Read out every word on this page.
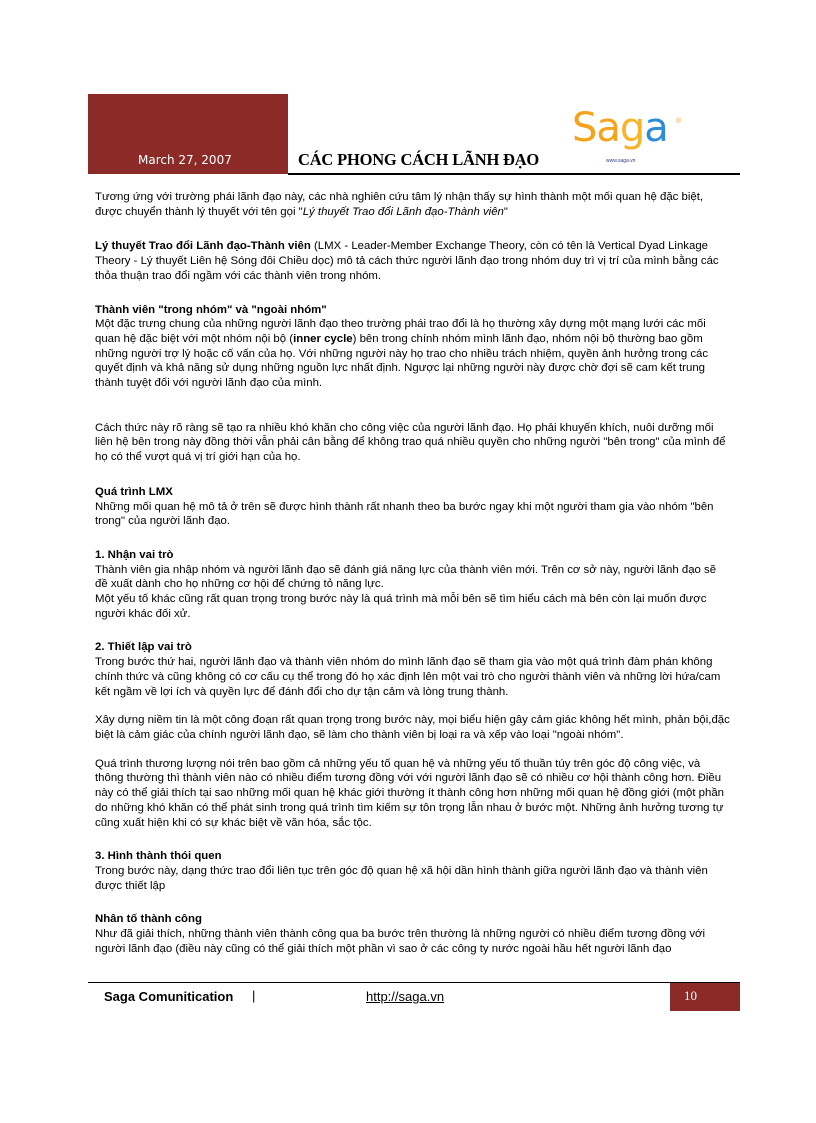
March 27, 2007	CÁC PHONG CÁCH LÃNH ĐẠO
Saga ®
www.saga.vn

Tương ứng với trường phái lãnh đạo này, các nhà nghiên cứu tâm lý nhận thấy sự hình thành một mối quan hệ đặc biệt, được chuyển thành lý thuyết với tên gọi "Lý thuyết Trao đổi Lãnh đạo-Thành viên"

Lý thuyết Trao đổi Lãnh đạo-Thành viên (LMX - Leader-Member Exchange Theory, còn có tên là Vertical Dyad Linkage Theory - Lý thuyết Liên hệ Sóng đôi Chiều dọc) mô tả cách thức người lãnh đạo trong nhóm duy trì vị trí của mình bằng các thỏa thuận trao đổi ngầm với các thành viên trong nhóm.

Thành viên "trong nhóm" và "ngoài nhóm"

Một đặc trưng chung của những người lãnh đạo theo trường phái trao đổi là họ thường xây dựng một mạng lưới các mối quan hệ đặc biệt với một nhóm nội bộ (inner cycle) bên trong chính nhóm mình lãnh đạo, nhóm nội bộ thường bao gồm những người trợ lý hoặc cố vấn của họ. Với những người này họ trao cho nhiều trách nhiệm, quyền ảnh hưởng trong các quyết định và khả năng sử dụng những nguồn lực nhất định. Ngược lại những người này được chờ đợi sẽ cam kết trung thành tuyệt đối với người lãnh đạo của mình.

Cách thức này rõ ràng sẽ tạo ra nhiều khó khăn cho công việc của người lãnh đạo. Họ phải khuyến khích, nuôi dưỡng mối liên hệ bên trong này đồng thời vẫn phải cân bằng để không trao quá nhiều quyền cho những người "bên trong" của mình để họ có thể vượt quá vị trí giới hạn của họ.

Quá trình LMX

Những mối quan hệ mô tả ở trên sẽ được hình thành rất nhanh theo ba bước ngay khi một người tham gia vào nhóm "bên trong" của người lãnh đạo.

1. Nhận vai trò

Thành viên gia nhập nhóm và người lãnh đạo sẽ đánh giá năng lực của thành viên mới. Trên cơ sở này, người lãnh đạo sẽ đề xuất dành cho họ những cơ hội để chứng tỏ năng lực.

Một yếu tố khác cũng rất quan trọng trong bước này là quá trình mà mỗi bên sẽ tìm hiểu cách mà bên còn lại muốn được người khác đối xử.

2. Thiết lập vai trò

Trong bước thứ hai, người lãnh đạo và thành viên nhóm do mình lãnh đạo sẽ tham gia vào một quá trình đàm phán không chính thức và cũng không có cơ cấu cụ thể trong đó họ xác định lên một vai trò cho người thành viên và những lời hứa/cam kết ngầm về lợi ích và quyền lực để đánh đổi cho dự tận cảm và lòng trung thành.

Xây dựng niềm tin là một công đoạn rất quan trọng trong bước này, mọi biểu hiện gây cảm giác không hết mình, phản bội,đặc biệt là cảm giác của chính người lãnh đạo, sẽ làm cho thành viên bị loại ra và xếp vào loại "ngoài nhóm".

Quá trình thương lượng nói trên bao gồm cả những yếu tố quan hệ và những yếu tố thuần túy trên góc độ công việc, và thông thường thì thành viên nào có nhiều điểm tương đồng với với người lãnh đạo sẽ có nhiều cơ hội thành công hơn. Điều này có thể giải thích tại sao những mối quan hệ khác giới thường ít thành công hơn những mối quan hệ đồng giới (một phần do những khó khăn có thể phát sinh trong quá trình tìm kiếm sự tôn trọng lẫn nhau ở bước một. Những ảnh hưởng tương tự cũng xuất hiện khi có sự khác biệt về văn hóa, sắc tộc.

3. Hình thành thói quen

Trong bước này, dạng thức trao đổi liên tục trên góc độ quan hệ xã hội dần hình thành giữa người lãnh đạo và thành viên được thiết lập

Nhân tố thành công

Như đã giải thích, những thành viên thành công qua ba bước trên thường là những người có nhiều điểm tương đồng với người lãnh đạo (điều này cũng có thể giải thích một phần vì sao ở các công ty nước ngoài hầu hết người lãnh đạo

Saga Comunitication |	http://saga.vn	10
